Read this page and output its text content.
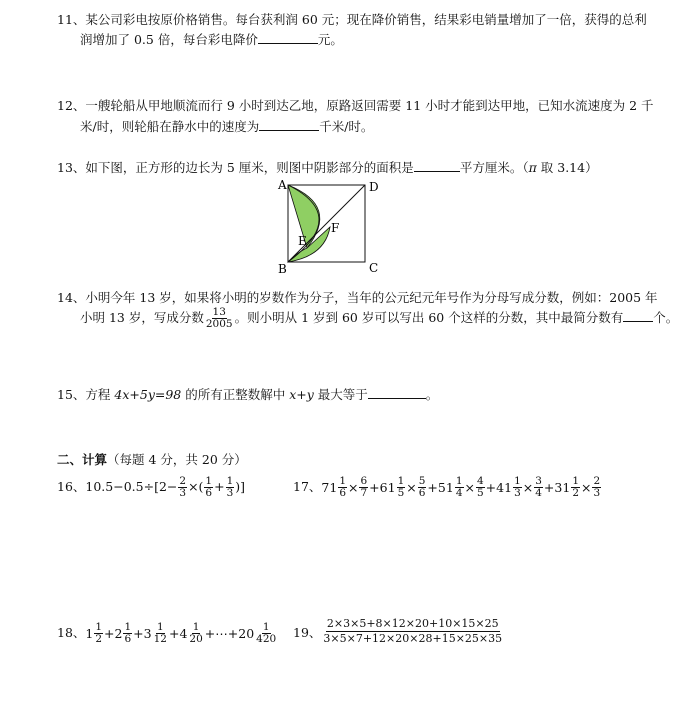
11、某公司彩电按原价格销售。每台获利润 60 元；现在降价销售，结果彩电销量增加了一倍，获得的总利
润增加了 0.5 倍，每台彩电降价	元。
12、一艘轮船从甲地顺流而行 9 小时到达乙地，原路返回需要 11 小时才能到达甲地，已知水流速度为 2 千
米/时，则轮船在静水中的速度为	千米/时。
13、如下图，正方形的边长为 5 厘米，则图中阴影部分的面积是	平方厘米。（π 取 3.14）
A	D
B	C
E
F
14、小明今年 13 岁，如果将小明的岁数作为分子，当年的公元纪元年号作为分母写成分数，例如：2005 年
小明 13 岁，写成分数 $\frac{13}{2005}$ 。则小明从 1 岁到 60 岁可以写出 60 个这样的分数，其中最简分数有 个。
15、方程 4x+5y=98 的所有正整数解中 x+y 最大等于	。
二、计算（每题 4 分，共 20 分）
16、$10.5-0.5\div[2- \frac{2}{3}$ ×( $\frac{1}{6} + \frac{1}{3}$ )]	17、 $71 \frac{1}{6} \times \frac{6}{7} + 61 \frac{1}{5} \times \frac{5}{6} + 51 \frac{1}{4} \times \frac{4}{5} + 41 \frac{1}{3} \times \frac{3}{4} + 31 \frac{1}{2} \times \frac{2}{3}$
18、 $1 \frac{1}{2} + 2 \frac{1}{6} + 3 \frac{1}{12} + 4 \frac{1}{20}$ +⋯+ $20 \frac{1}{420} 19$、 $\frac{2\times 3\times 5+8\times 12\times 20+10\times 15\times 25}{3\times 5\times 7+12\times 20\times 28+15\times 25\times 35}$
